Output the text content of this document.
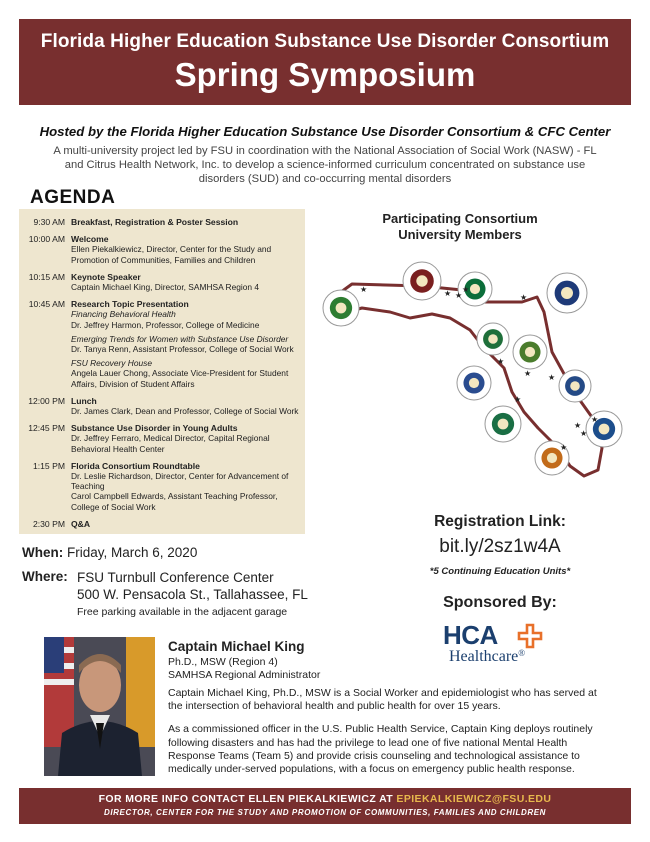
Florida Higher Education Substance Use Disorder Consortium
Spring Symposium
Hosted by the Florida Higher Education Substance Use Disorder Consortium & CFC Center
A multi-university project led by FSU in coordination with the National Association of Social Work (NASW) - FL and Citrus Health Network, Inc. to develop a science-informed curriculum concentrated on substance use disorders (SUD) and co-occurring mental disorders
AGENDA
9:30 AM Breakfast, Registration & Poster Session
10:00 AM Welcome
Ellen Piekalkiewicz, Director, Center for the Study and Promotion of Communities, Families and Children
10:15 AM Keynote Speaker
Captain Michael King, Director, SAMHSA Region 4
10:45 AM Research Topic Presentation
Financing Behavioral Health
Dr. Jeffrey Harmon, Professor, College of Medicine
Emerging Trends for Women with Substance Use Disorder
Dr. Tanya Renn, Assistant Professor, College of Social Work
FSU Recovery House
Angela Lauer Chong, Associate Vice-President for Student Affairs, Division of Student Affairs
12:00 PM Lunch
Dr. James Clark, Dean and Professor, College of Social Work
12:45 PM Substance Use Disorder in Young Adults
Dr. Jeffrey Ferraro, Medical Director, Capital Regional Behavioral Health Center
1:15 PM Florida Consortium Roundtable
Dr. Leslie Richardson, Director, Center for Advancement of Teaching
Carol Campbell Edwards, Assistant Teaching Professor, College of Social Work
2:30 PM Q&A
Participating Consortium
University Members
★	★ ★
★
★
★
★
★
★
★
★
★
★
When: Friday, March 6, 2020
Where: FSU Turnbull Conference Center
500 W. Pensacola St., Tallahassee, FL
Free parking available in the adjacent garage
Registration Link:
bit.ly/2sz1w4A
*5 Continuing Education Units*
Sponsored By:
HCA
Healthcare®
Captain Michael King
Ph.D., MSW (Region 4)
SAMHSA Regional Administrator

Captain Michael King, Ph.D., MSW is a Social Worker and epidemiologist who has served at the intersection of behavioral health and public health for over 15 years.

As a commissioned officer in the U.S. Public Health Service, Captain King deploys routinely following disasters and has had the privilege to lead one of five national Mental Health Response Teams (Team 5) and provide crisis counseling and technological assistance to medically under-served populations, with a focus on emergency public health response.

FOR MORE INFO CONTACT ELLEN PIEKALKIEWICZ AT EPIEKALKIEWICZ@FSU.EDU
DIRECTOR, CENTER FOR THE STUDY AND PROMOTION OF COMMUNITIES, FAMILIES AND CHILDREN
